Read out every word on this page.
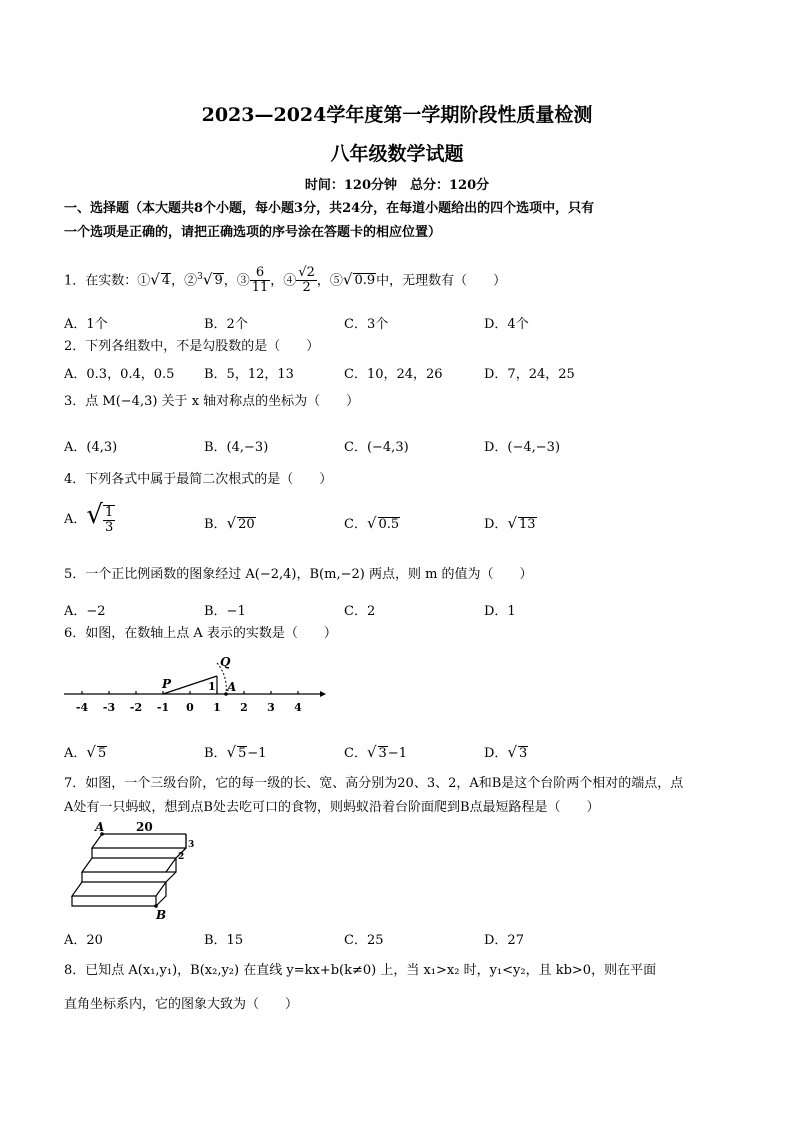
2023—2024学年度第一学期阶段性质量检测
八年级数学试题
时间：120分钟　总分：120分
一、选择题（本大题共8个小题，每小题3分，共24分，在每道小题给出的四个选项中，只有
一个选项是正确的，请把正确选项的序号涂在答题卡的相应位置）
1．在实数：①√ 4，②$^3$√ 9，③ $\frac{6}{11}$ ，④ $\frac{√2}{2}$ ，⑤√ 0.9中，无理数有（　　）
A．1个	B．2个	C．3个	D．4个
2．下列各组数中，不是勾股数的是（　　）
A．0.3，0.4，0.5 B．5，12，13	C．10，24，26	D．7，24，25
3．点 M(−4,3) 关于 x 轴对称点的坐标为（　　）
A．(4,3)	B．(4,−3)	C．(−4,3)	D．(−4,−3)
4．下列各式中属于最简二次根式的是（　　）
A．√ $\frac{1}{3}$	B．√ 20	C．√ 0.5	D．√ 13
5．一个正比例函数的图象经过 A(−2,4)，B(m,−2) 两点，则 m 的值为（　　）
A．−2	B．−1	C．2	D．1
6．如图，在数轴上点 A 表示的实数是（　　）
-4 -3 -2 -1 0 1 2 3 4
P
Q
A
1
A．√ 5	B．√ 5−1	C．√ 3−1	D．√ 3
7．如图，一个三级台阶，它的每一级的长、宽、高分别为20、3、2，A和B是这个台阶两个相对的端点，点
A处有一只蚂蚁，想到点B处去吃可口的食物，则蚂蚁沿着台阶面爬到B点最短路程是（　　）
A	20
3
2
B
A．20	B．15	C．25	D．27
8．已知点 A(x₁,y₁)，B(x₂,y₂) 在直线 y=kx+b(k≠0) 上，当 x₁>x₂ 时，y₁<y₂，且 kb>0，则在平面
直角坐标系内，它的图象大致为（　　）
